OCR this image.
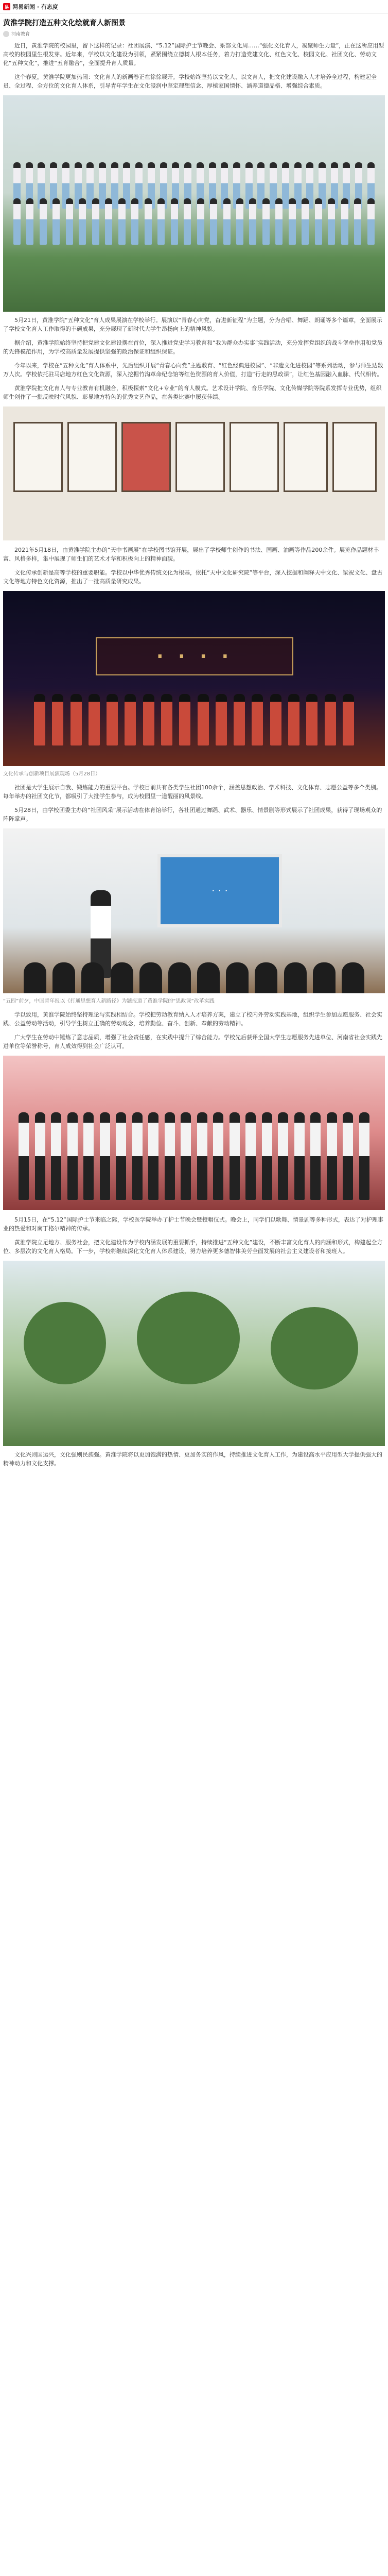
易 网易新闻 · 有态度
黄淮学院打造五种文化绘就育人新图景
河南教育

近日，黄淮学院的校园里，留下这样的记录：社团展演、“5.12”国际护士节晚会、系部文化周……“强化文化育人，凝聚师生力量”，正在这所应用型高校的校园里生根发芽。近年来，学校以文化建设为引领，紧紧围绕立德树人根本任务，着力打造党建文化、红色文化、校园文化、社团文化、劳动文化“五种文化”，推进“五育融合”，全面提升育人质量。

这个春夏，黄淮学院更加热闹：文化育人的新画卷正在徐徐展开。学校始终坚持以文化人、以文育人，把文化建设融入人才培养全过程，构建起全员、全过程、全方位的文化育人体系，引导青年学生在文化浸润中坚定理想信念、厚植家国情怀、涵养道德品格、增强综合素质。

5月21日，黄淮学院“五种文化”育人成果展演在学校举行。展演以“青春心向党，奋进新征程”为主题，分为合唱、舞蹈、朗诵等多个篇章，全面展示了学校文化育人工作取得的丰硕成果，充分展现了新时代大学生昂扬向上的精神风貌。

据介绍，黄淮学院始终坚持把党建文化建设摆在首位，深入推进党史学习教育和“我为群众办实事”实践活动，充分发挥党组织的战斗堡垒作用和党员的先锋模范作用，为学校高质量发展提供坚强的政治保证和组织保证。

今年以来，学校在“五种文化”育人体系中，先后组织开展“青春心向党”主题教育、“红色经典进校园”、“非遗文化进校园”等系列活动，参与师生达数万人次。学校依托驻马店地方红色文化资源，深入挖掘竹沟革命纪念馆等红色资源的育人价值，打造“行走的思政课”，让红色基因融入血脉、代代相传。

黄淮学院把文化育人与专业教育有机融合，积极探索“文化+专业”的育人模式。艺术设计学院、音乐学院、文化传媒学院等院系发挥专业优势，组织师生创作了一批反映时代风貌、彰显地方特色的优秀文艺作品，在各类比赛中屡获佳绩。

2021年5月18日，由黄淮学院主办的“天中书画展”在学校图书馆开展，展出了学校师生创作的书法、国画、油画等作品200余件。展览作品题材丰富、风格多样，集中展现了师生们的艺术才华和积极向上的精神面貌。

文化传承创新是高等学校的重要职能。学校以中华优秀传统文化为根基，依托“天中文化研究院”等平台，深入挖掘和阐释天中文化、梁祝文化、盘古文化等地方特色文化资源，推出了一批高质量研究成果。

· · · ·

文化传承与创新项目展演现场（5月28日）

社团是大学生展示自我、锻炼能力的重要平台。学校目前共有各类学生社团100余个，涵盖思想政治、学术科技、文化体育、志愿公益等多个类别。每年举办的社团文化节，都吸引了大批学生参与，成为校园里一道靓丽的风景线。

5月28日，由学校团委主办的“社团风采”展示活动在体育馆举行，各社团通过舞蹈、武术、器乐、情景剧等形式展示了社团成果，获得了现场观众的阵阵掌声。

· · ·

“五四”前夕，中国青年报以《打通思想育人新路径》为题报道了黄淮学院的“思政课”改革实践

学以致用，黄淮学院始终坚持理论与实践相结合。学校把劳动教育纳入人才培养方案，建立了校内外劳动实践基地，组织学生参加志愿服务、社会实践、公益劳动等活动，引导学生树立正确的劳动观念，培养勤俭、奋斗、创新、奉献的劳动精神。

广大学生在劳动中锤炼了意志品质，增强了社会责任感，在实践中提升了综合能力。学校先后获评全国大学生志愿服务先进单位、河南省社会实践先进单位等荣誉称号，育人成效得到社会广泛认可。

5月15日，在“5.12”国际护士节来临之际，学校医学院举办了护士节晚会暨授帽仪式。晚会上，同学们以歌舞、情景剧等多种形式，表达了对护理事业的热爱和对南丁格尔精神的传承。

黄淮学院立足地方、服务社会，把文化建设作为学校内涵发展的重要抓手，持续推进“五种文化”建设，不断丰富文化育人的内涵和形式，构建起全方位、多层次的文化育人格局。下一步，学校将继续深化文化育人体系建设，努力培养更多德智体美劳全面发展的社会主义建设者和接班人。

文化兴则国运兴，文化强则民族强。黄淮学院将以更加饱满的热情、更加务实的作风，持续推进文化育人工作，为建设高水平应用型大学提供强大的精神动力和文化支撑。
